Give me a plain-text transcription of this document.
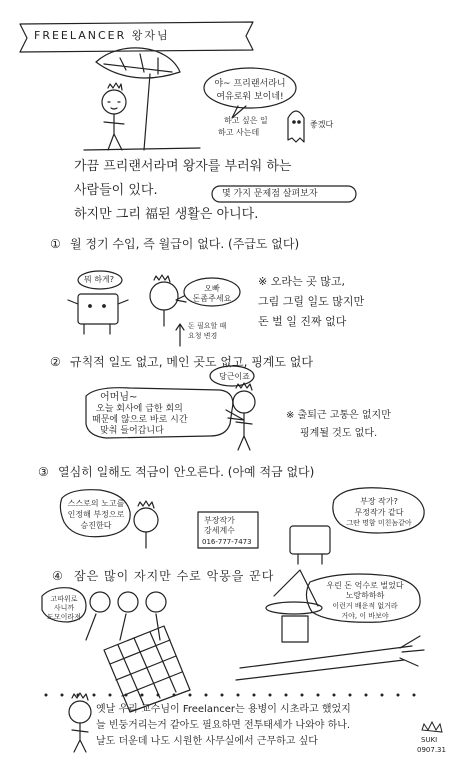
FREELANCER 왕자님
야~ 프리랜서라니
여유로워 보이네!
하고 싶은 일
하고 사는데
좋겠다
가끔 프리랜서라며 왕자를 부러워 하는
사람들이 있다.	몇 가지 문제점 살펴보자
하지만 그리 福된 생활은 아니다.
① 월 정기 수입, 즉 월급이 없다. (주급도 없다)
뭐 하게?
오빠
돈좀주세요
돈 필요할 때
요청 변경
※ 오라는 곳 많고,
그림 그릴 일도 많지만
돈 벌 일 진짜 없다
② 규칙적 일도 없고, 메인 곳도 없고, 핑계도 없다
당근이죠
어머님~
오늘 회사에 급한 회의
때문에 않으로 바로 시간
맞춰 들어갑니다
※ 출퇴근 고통은 없지만
핑계될 것도 없다.
③ 열심히 일해도 적금이 안오른다. (아예 적금 없다)
스스로의 노고를
인정해 부정으로
승진한다
부장작가
강세계수
016-777-7473
부장 작가?
무정작가 같다
그딴 명함 미친놈같아
④ 잠은 많이 자지만 수로 악몽을 꾼다
고따위로
사니까
도모이라져
우린 돈 억수로 벌었다
노랑하하하
이런거 배운적 없거라
거야, 이 바보야
옛날 우리 교수님이 Freelancer는 용병이 시초라고 했었지
늘 빈둥거리는거 같아도 필요하면 전투태세가 나와야 하나.
날도 더운데 나도 시원한 사무실에서 근무하고 싶다	SUKI
0907.31
